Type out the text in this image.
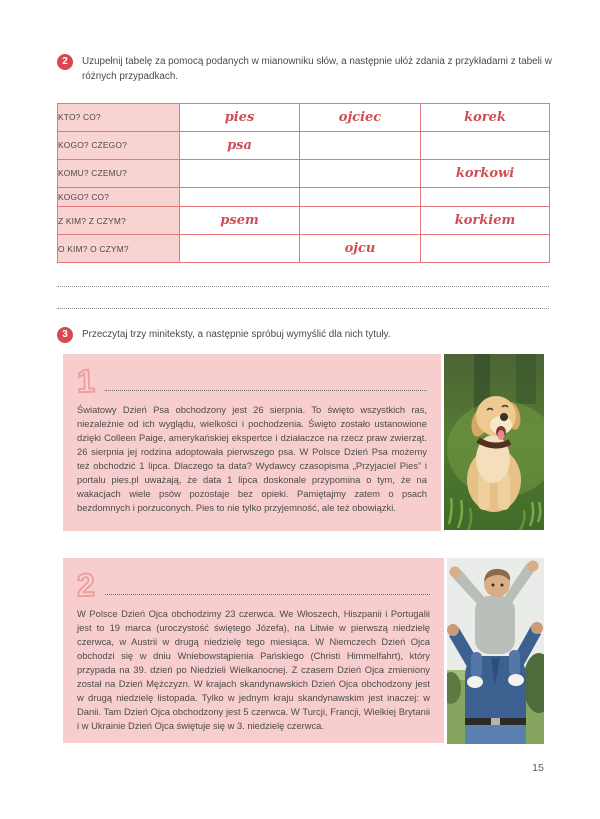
2	Uzupełnij tabelę za pomocą podanych w mianowniku słów, a następnie ułóż zdania z przykładami z tabeli w różnych przypadkach.
KTO? CO?	pies	ojciec	korek
KOGO? CZEGO?	psa		
KOMU? CZEMU?			korkowi
KOGO? CO?			
Z KIM? Z CZYM?	psem		korkiem
O KIM? O CZYM?		ojcu	
3	Przeczytaj trzy miniteksty, a następnie spróbuj wymyślić dla nich tytuły.
1

Światowy Dzień Psa obchodzony jest 26 sierpnia. To święto wszystkich ras, niezależnie od ich wyglądu, wielkości i pochodzenia. Święto zostało ustanowione dzięki Colleen Paige, amerykańskiej ekspertce i działaczce na rzecz praw zwierząt. 26 sierpnia jej rodzina adoptowała pierwszego psa. W Polsce Dzień Psa możemy też obchodzić 1 lipca. Dlaczego ta data? Wydawcy czasopisma „Przyjaciel Pies” i portalu pies.pl uważają, że data 1 lipca doskonale przypomina o tym, że na wakacjach wiele psów pozostaje bez opieki. Pamiętajmy zatem o psach bezdomnych i porzuconych. Pies to nie tylko przyjemność, ale też obowiązki.

2

W Polsce Dzień Ojca obchodzimy 23 czerwca. We Włoszech, Hiszpanii i Portugalii jest to 19 marca (uroczystość świętego Józefa), na Litwie w pierwszą niedzielę czerwca, w Austrii w drugą niedzielę tego miesiąca. W Niemczech Dzień Ojca obchodzi się w dniu Wniebowstąpienia Pańskiego (Christi Himmelfahrt), który przypada na 39. dzień po Niedzieli Wielkanocnej. Z czasem Dzień Ojca zmieniony został na Dzień Mężczyzn. W krajach skandynawskich Dzień Ojca obchodzony jest w drugą niedzielę listopada. Tylko w jednym kraju skandynawskim jest inaczej: w Danii. Tam Dzień Ojca obchodzony jest 5 czerwca. W Turcji, Francji, Wielkiej Brytanii i w Ukrainie Dzień Ojca świętuje się w 3. niedzielę czerwca.

15
